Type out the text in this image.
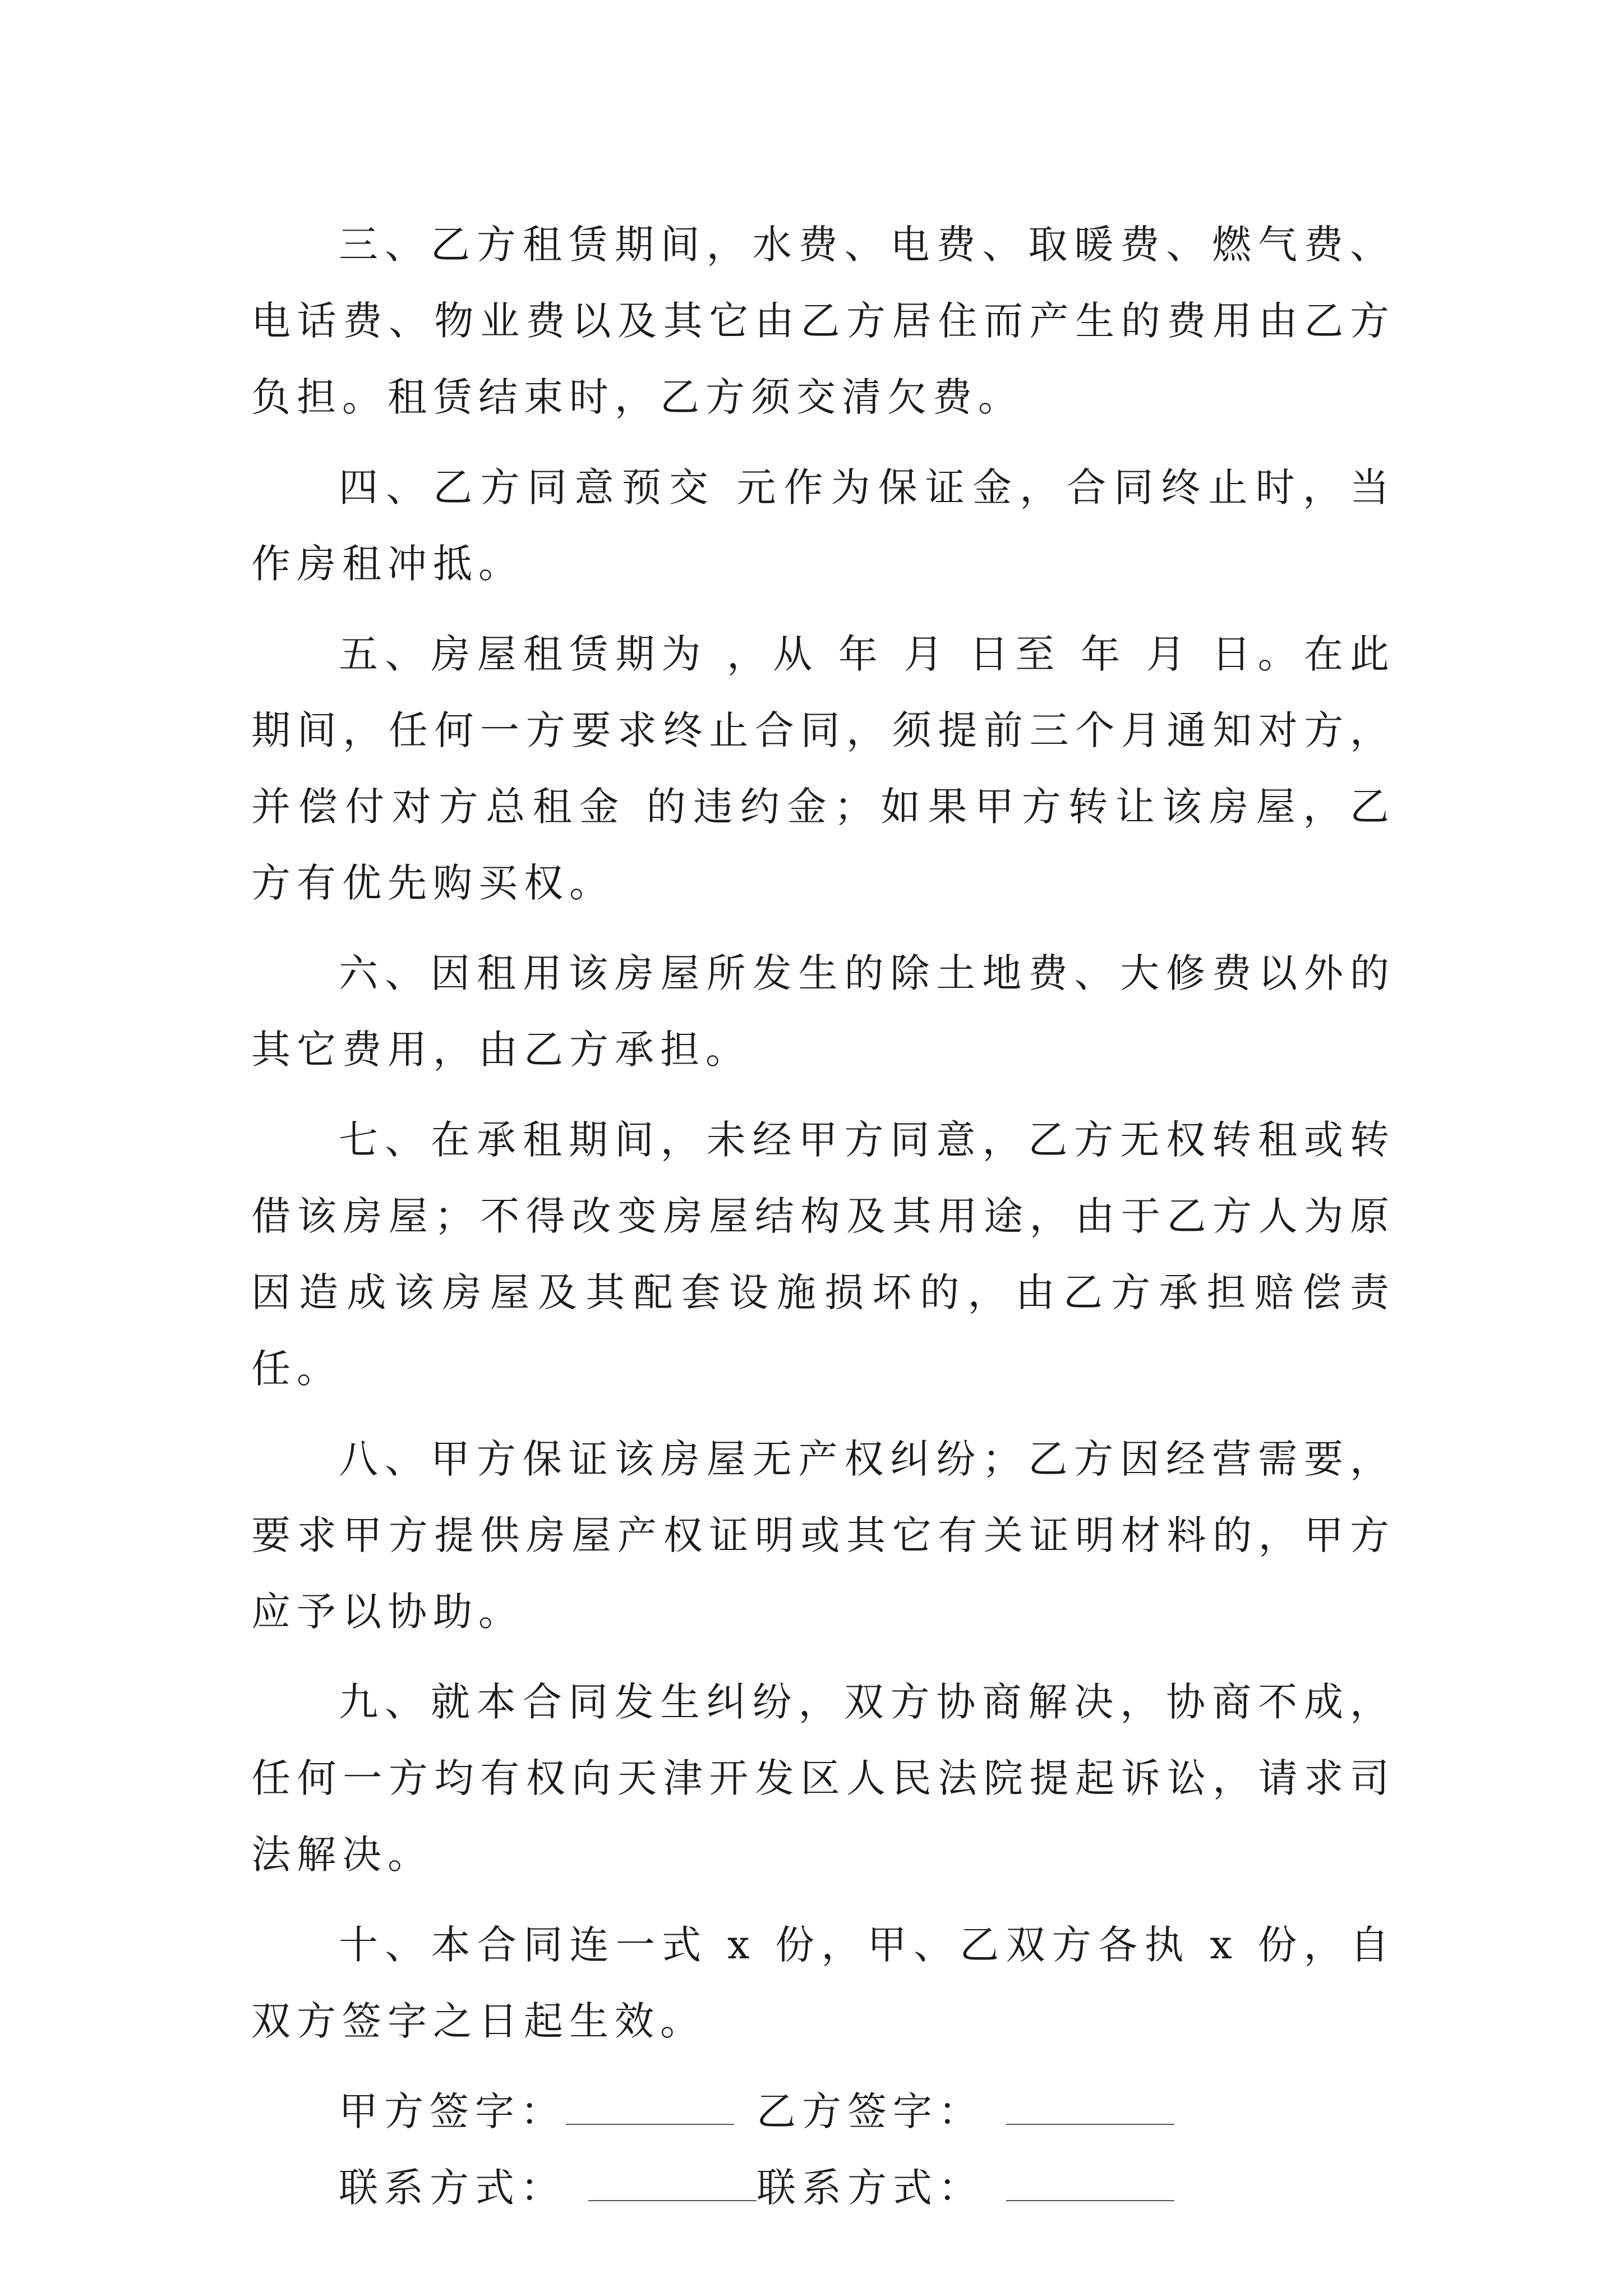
三、乙方租赁期间，水费、电费、取暖费、燃气费、电话费、物业费以及其它由乙方居住而产生的费用由乙方负担。租赁结束时，乙方须交清欠费。

四、乙方同意预交 元作为保证金，合同终止时，当作房租冲抵。

五、房屋租赁期为 ，从 年 月 日至 年 月 日。在此期间，任何一方要求终止合同，须提前三个月通知对方，并偿付对方总租金 的违约金；如果甲方转让该房屋，乙方有优先购买权。

六、因租用该房屋所发生的除土地费、大修费以外的其它费用，由乙方承担。

七、在承租期间，未经甲方同意，乙方无权转租或转借该房屋；不得改变房屋结构及其用途，由于乙方人为原因造成该房屋及其配套设施损坏的，由乙方承担赔偿责任。

八、甲方保证该房屋无产权纠纷；乙方因经营需要，要求甲方提供房屋产权证明或其它有关证明材料的，甲方应予以协助。

九、就本合同发生纠纷，双方协商解决，协商不成，任何一方均有权向天津开发区人民法院提起诉讼，请求司法解决。

十、本合同连一式 x 份，甲、乙双方各执 x 份，自双方签字之日起生效。

甲方签字：	乙方签字：
联系方式：	联系方式：
